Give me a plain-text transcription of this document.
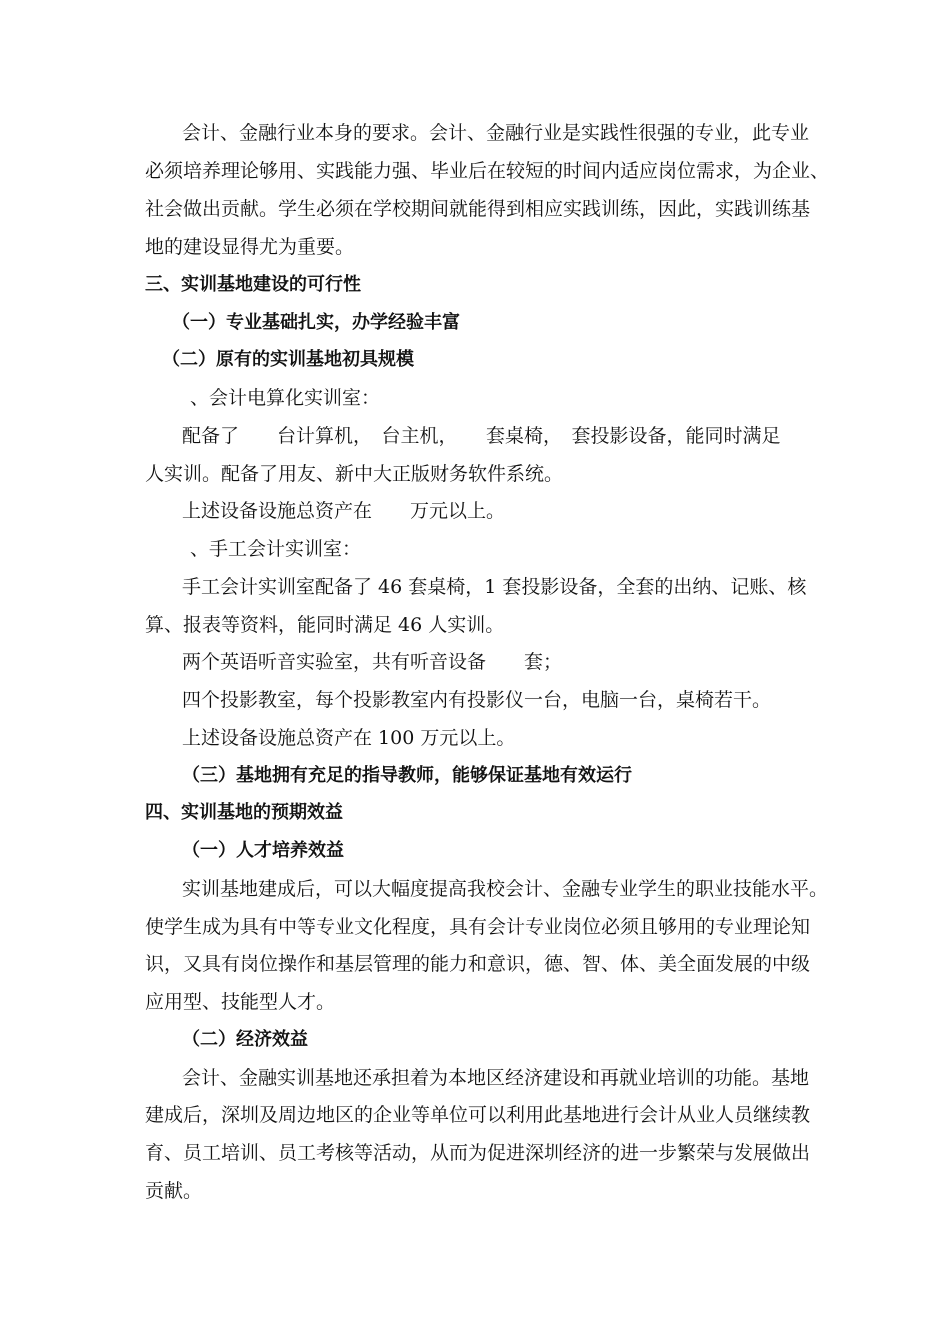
会计、金融行业本身的要求。会计、金融行业是实践性很强的专业，此专业

必须培养理论够用、实践能力强、毕业后在较短的时间内适应岗位需求，为企业、

社会做出贡献。学生必须在学校期间就能得到相应实践训练，因此，实践训练基

地的建设显得尤为重要。

三、实训基地建设的可行性

（一）专业基础扎实，办学经验丰富

（二）原有的实训基地初具规模

、会计电算化实训室：

配备了　　台计算机，　台主机，　　套桌椅，　套投影设备，能同时满足

人实训。配备了用友、新中大正版财务软件系统。

上述设备设施总资产在　　万元以上。

、手工会计实训室：

手工会计实训室配备了 46 套桌椅，1 套投影设备，全套的出纳、记账、核

算、报表等资料，能同时满足 46 人实训。

两个英语听音实验室，共有听音设备　　套；

四个投影教室，每个投影教室内有投影仪一台，电脑一台，桌椅若干。

上述设备设施总资产在 100 万元以上。

（三）基地拥有充足的指导教师，能够保证基地有效运行

四、实训基地的预期效益

（一）人才培养效益

实训基地建成后，可以大幅度提高我校会计、金融专业学生的职业技能水平。

使学生成为具有中等专业文化程度，具有会计专业岗位必须且够用的专业理论知

识，又具有岗位操作和基层管理的能力和意识，德、智、体、美全面发展的中级

应用型、技能型人才。

（二）经济效益

会计、金融实训基地还承担着为本地区经济建设和再就业培训的功能。基地

建成后，深圳及周边地区的企业等单位可以利用此基地进行会计从业人员继续教

育、员工培训、员工考核等活动，从而为促进深圳经济的进一步繁荣与发展做出

贡献。
